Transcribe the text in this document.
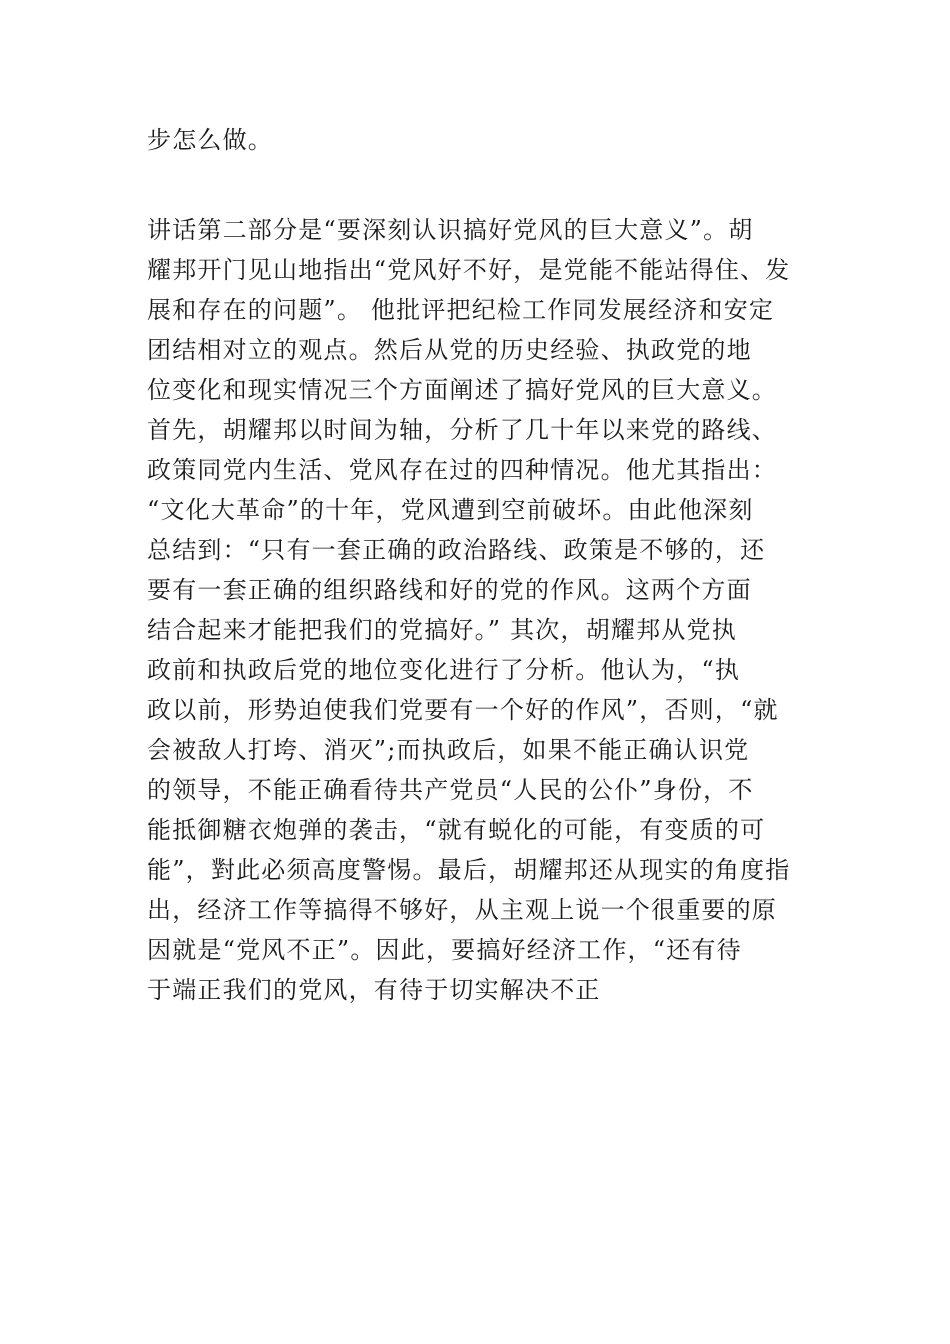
步怎么做。

讲话第二部分是“要深刻认识搞好党风的巨大意义”。胡

耀邦开门见山地指出“党风好不好，是党能不能站得住、发

展和存在的问题”。 他批评把纪检工作同发展经济和安定

团结相对立的观点。然后从党的历史经验、执政党的地

位变化和现实情况三个方面阐述了搞好党风的巨大意义。

首先，胡耀邦以时间为轴，分析了几十年以来党的路线、

政策同党内生活、党风存在过的四种情况。他尤其指出：

“文化大革命”的十年，党风遭到空前破坏。由此他深刻

总结到：“只有一套正确的政治路线、政策是不够的，还

要有一套正确的组织路线和好的党的作风。这两个方面

结合起来才能把我们的党搞好。” 其次，胡耀邦从党执

政前和执政后党的地位变化进行了分析。他认为，“执

政以前，形势迫使我们党要有一个好的作风”，否则，“就

会被敌人打垮、消灭”;而执政后，如果不能正确认识党

的领导，不能正确看待共产党员“人民的公仆”身份，不

能抵御糖衣炮弹的袭击，“就有蜕化的可能，有变质的可

能”，對此必须高度警惕。最后，胡耀邦还从现实的角度指

出，经济工作等搞得不够好，从主观上说一个很重要的原

因就是“党风不正”。因此，要搞好经济工作，“还有待

于端正我们的党风，有待于切实解决不正
